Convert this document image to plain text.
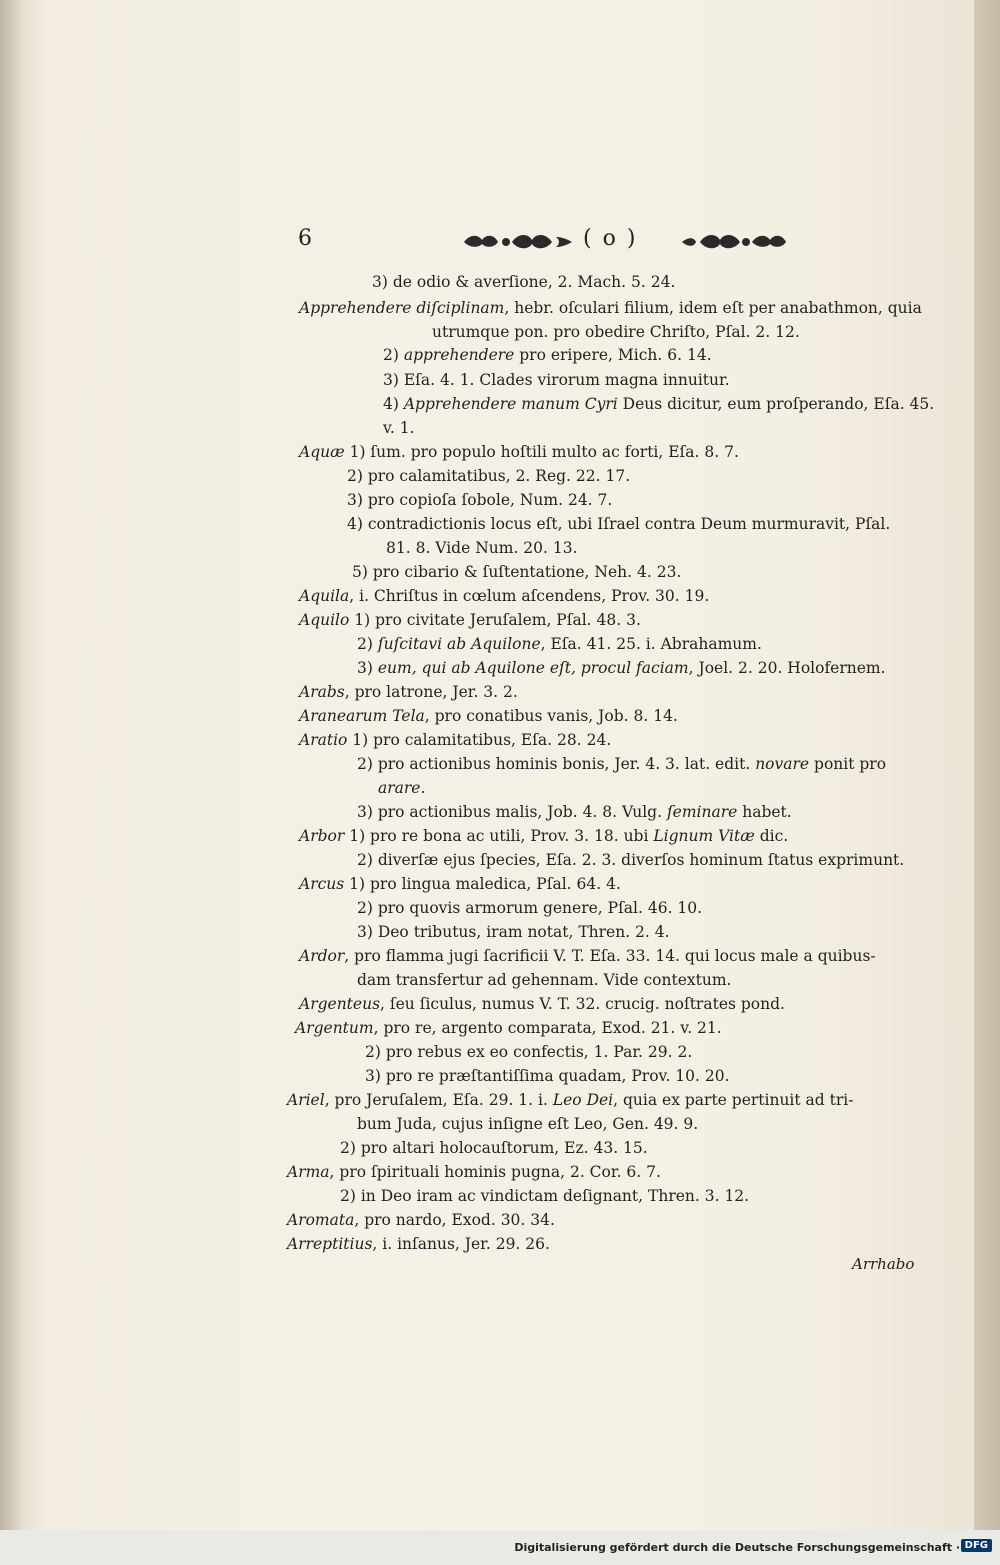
6	( o )
3) de odio & averſione, 2. Mach. 5. 24.
Apprehendere diſciplinam, hebr. oſculari filium, idem eſt per anabathmon, quia
utrumque pon. pro obedire Chriſto, Pſal. 2. 12.
2) apprehendere pro eripere, Mich. 6. 14.
3) Eſa. 4. 1. Clades virorum magna innuitur.
4) Apprehendere manum Cyri Deus dicitur, eum proſperando, Eſa. 45.
v. 1.
Aquæ 1) ſum. pro populo hoſtili multo ac forti, Eſa. 8. 7.
2) pro calamitatibus, 2. Reg. 22. 17.
3) pro copioſa ſobole, Num. 24. 7.
4) contradictionis locus eſt, ubi Iſrael contra Deum murmuravit, Pſal.
81. 8. Vide Num. 20. 13.
5) pro cibario & ſuſtentatione, Neh. 4. 23.
Aquila, i. Chriſtus in cœlum aſcendens, Prov. 30. 19.
Aquilo 1) pro civitate Jeruſalem, Pſal. 48. 3.
2) ſuſcitavi ab Aquilone, Eſa. 41. 25. i. Abrahamum.
3) eum, qui ab Aquilone eſt, procul faciam, Joel. 2. 20. Holofernem.
Arabs, pro latrone, Jer. 3. 2.
Aranearum Tela, pro conatibus vanis, Job. 8. 14.
Aratio 1) pro calamitatibus, Eſa. 28. 24.
2) pro actionibus hominis bonis, Jer. 4. 3. lat. edit. novare ponit pro
arare.
3) pro actionibus malis, Job. 4. 8. Vulg. ſeminare habet.
Arbor 1) pro re bona ac utili, Prov. 3. 18. ubi Lignum Vitæ dic.
2) diverſæ ejus ſpecies, Eſa. 2. 3. diverſos hominum ſtatus exprimunt.
Arcus 1) pro lingua maledica, Pſal. 64. 4.
2) pro quovis armorum genere, Pſal. 46. 10.
3) Deo tributus, iram notat, Thren. 2. 4.
Ardor, pro flamma jugi ſacrificii V. T. Eſa. 33. 14. qui locus male a quibus-
dam transfertur ad gehennam. Vide contextum.
Argenteus, ſeu ſiculus, numus V. T. 32. crucig. noſtrates pond.
Argentum, pro re, argento comparata, Exod. 21. v. 21.
2) pro rebus ex eo confectis, 1. Par. 29. 2.
3) pro re præſtantiſſima quadam, Prov. 10. 20.
Ariel, pro Jeruſalem, Eſa. 29. 1. i. Leo Dei, quia ex parte pertinuit ad tri-
bum Juda, cujus inſigne eſt Leo, Gen. 49. 9.
2) pro altari holocauſtorum, Ez. 43. 15.
Arma, pro ſpirituali hominis pugna, 2. Cor. 6. 7.
2) in Deo iram ac vindictam deſignant, Thren. 3. 12.
Aromata, pro nardo, Exod. 30. 34.
Arreptitius, i. inſanus, Jer. 29. 26.
Arrhabo
Digitalisierung gefördert durch die Deutsche Forschungsgemeinschaft · DFG
